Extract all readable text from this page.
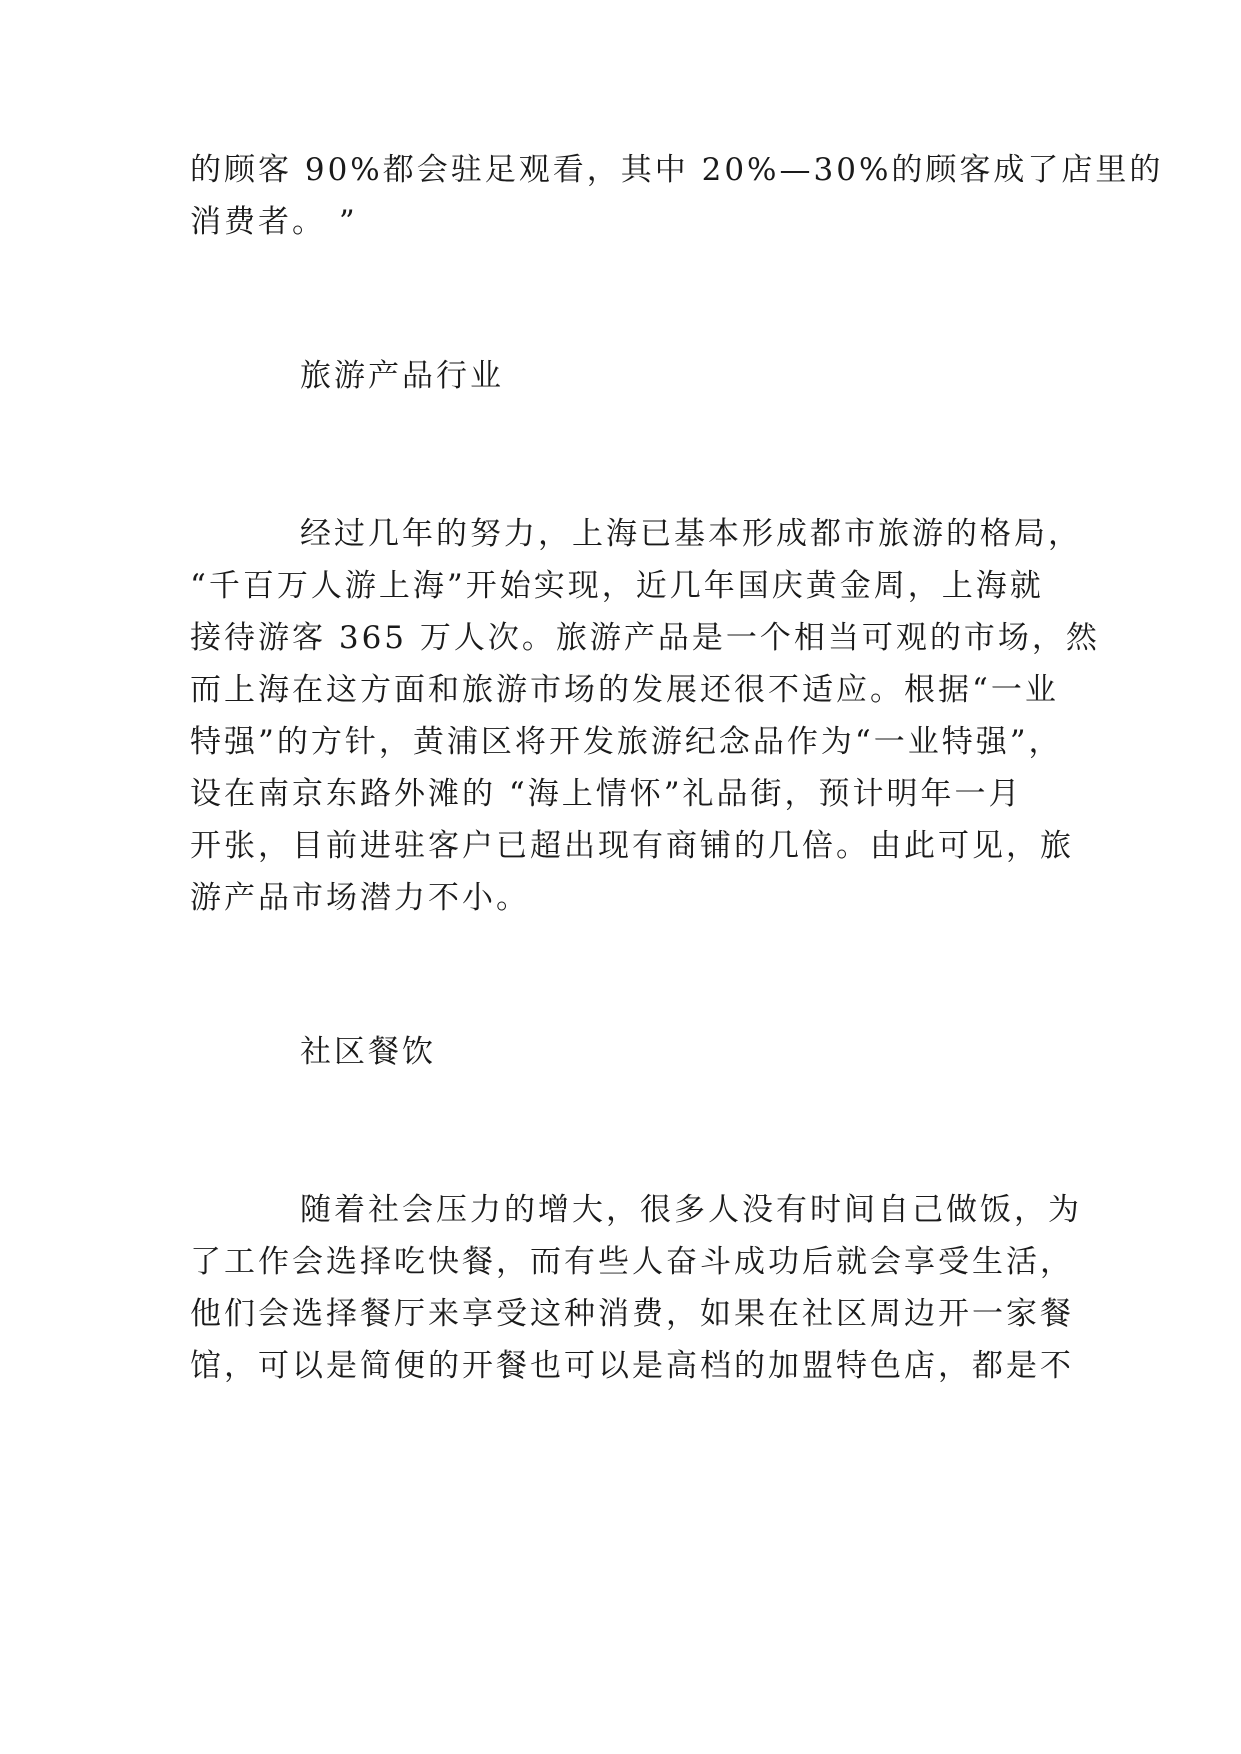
的顾客 90%都会驻足观看，其中 20%—30%的顾客成了店里的

消费者。 ”

旅游产品行业

经过几年的努力，上海已基本形成都市旅游的格局，

“千百万人游上海”开始实现，近几年国庆黄金周，上海就

接待游客 365 万人次。旅游产品是一个相当可观的市场，然

而上海在这方面和旅游市场的发展还很不适应。根据“一业

特强”的方针，黄浦区将开发旅游纪念品作为“一业特强”，

设在南京东路外滩的 “海上情怀”礼品街，预计明年一月

开张，目前进驻客户已超出现有商铺的几倍。由此可见，旅

游产品市场潜力不小。

社区餐饮

随着社会压力的增大，很多人没有时间自己做饭，为

了工作会选择吃快餐，而有些人奋斗成功后就会享受生活，

他们会选择餐厅来享受这种消费，如果在社区周边开一家餐

馆，可以是简便的开餐也可以是高档的加盟特色店，都是不
